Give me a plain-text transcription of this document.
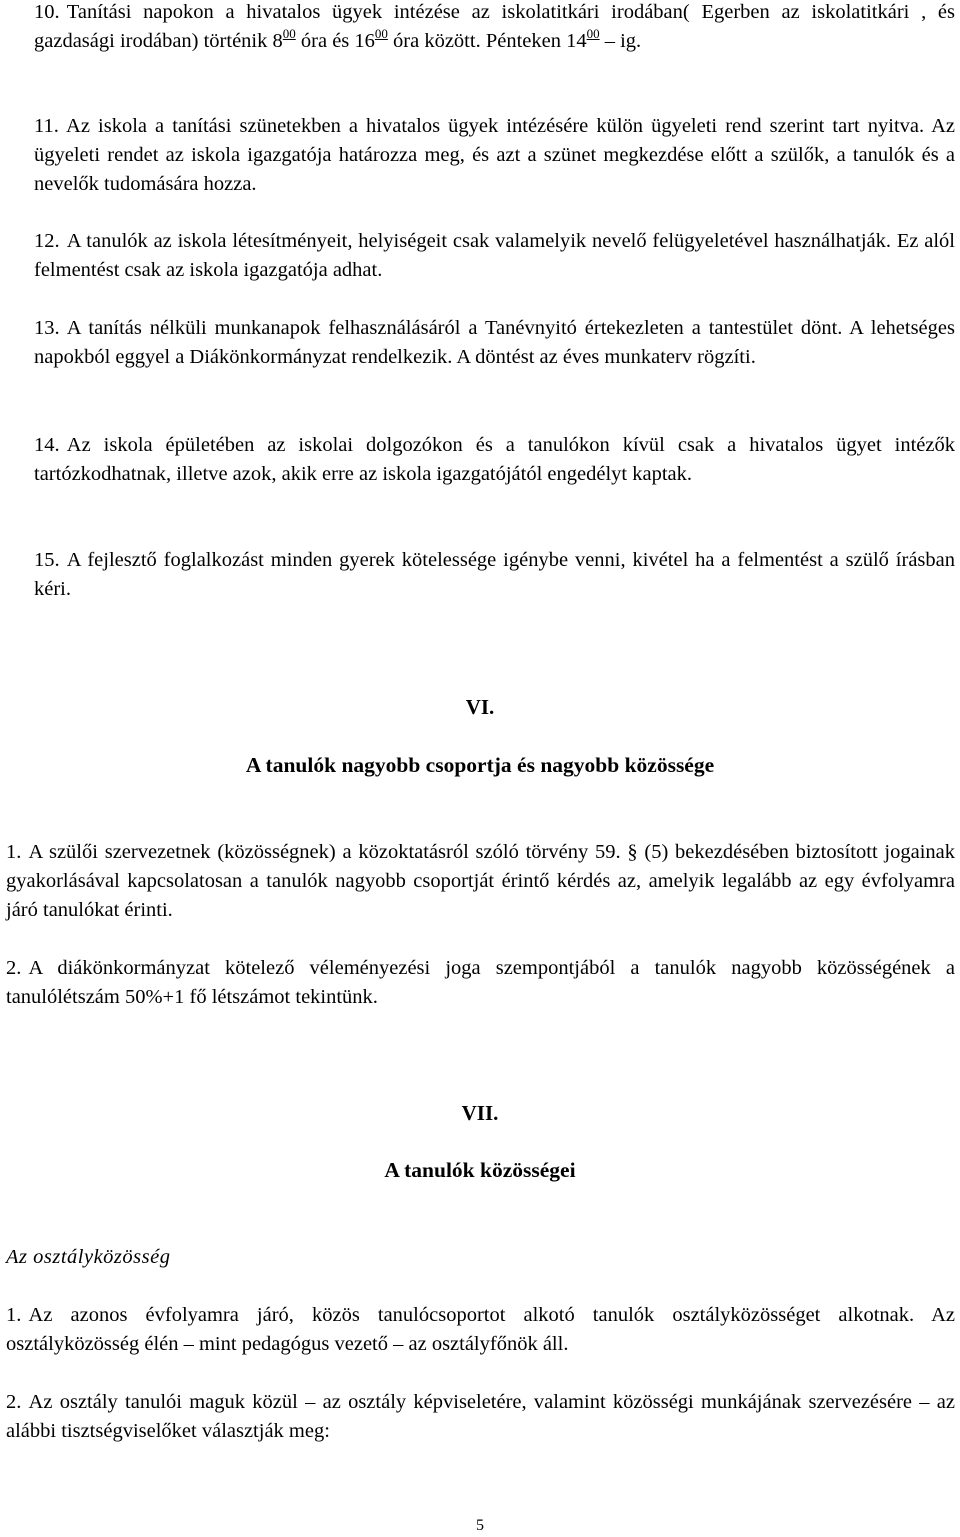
10. Tanítási napokon a hivatalos ügyek intézése az iskolatitkári irodában( Egerben az iskolatitkári , és gazdasági irodában) történik $8^{00}$ óra és $16^{00}$ óra között. Pénteken $14^{00}$ – ig.

11. Az iskola a tanítási szünetekben a hivatalos ügyek intézésére külön ügyeleti rend szerint tart nyitva. Az ügyeleti rendet az iskola igazgatója határozza meg, és azt a szünet megkezdése előtt a szülők, a tanulók és a nevelők tudomására hozza.

12. A tanulók az iskola létesítményeit, helyiségeit csak valamelyik nevelő felügyeletével használhatják. Ez alól felmentést csak az iskola igazgatója adhat.

13. A tanítás nélküli munkanapok felhasználásáról a Tanévnyitó értekezleten a tantestület dönt. A lehetséges napokból eggyel a Diákönkormányzat rendelkezik. A döntést az éves munkaterv rögzíti.

14. Az iskola épületében az iskolai dolgozókon és a tanulókon kívül csak a hivatalos ügyet intézők tartózkodhatnak, illetve azok, akik erre az iskola igazgatójától engedélyt kaptak.

15. A fejlesztő foglalkozást minden gyerek kötelessége igénybe venni, kivétel ha a felmentést a szülő írásban kéri.

VI.
A tanulók nagyobb csoportja és nagyobb közössége

1. A szülői szervezetnek (közösségnek) a közoktatásról szóló törvény 59. § (5) bekezdésében biztosított jogainak gyakorlásával kapcsolatosan a tanulók nagyobb csoportját érintő kérdés az, amelyik legalább az egy évfolyamra járó tanulókat érinti.

2. A diákönkormányzat kötelező véleményezési joga szempontjából a tanulók nagyobb közösségének a tanulólétszám 50%+1 fő létszámot tekintünk.

VII.
A tanulók közösségei

Az osztályközösség

1. Az azonos évfolyamra járó, közös tanulócsoportot alkotó tanulók osztályközösséget alkotnak. Az osztályközösség élén – mint pedagógus vezető – az osztályfőnök áll.

2. Az osztály tanulói maguk közül – az osztály képviseletére, valamint közösségi munkájának szervezésére – az alábbi tisztségviselőket választják meg:

5
